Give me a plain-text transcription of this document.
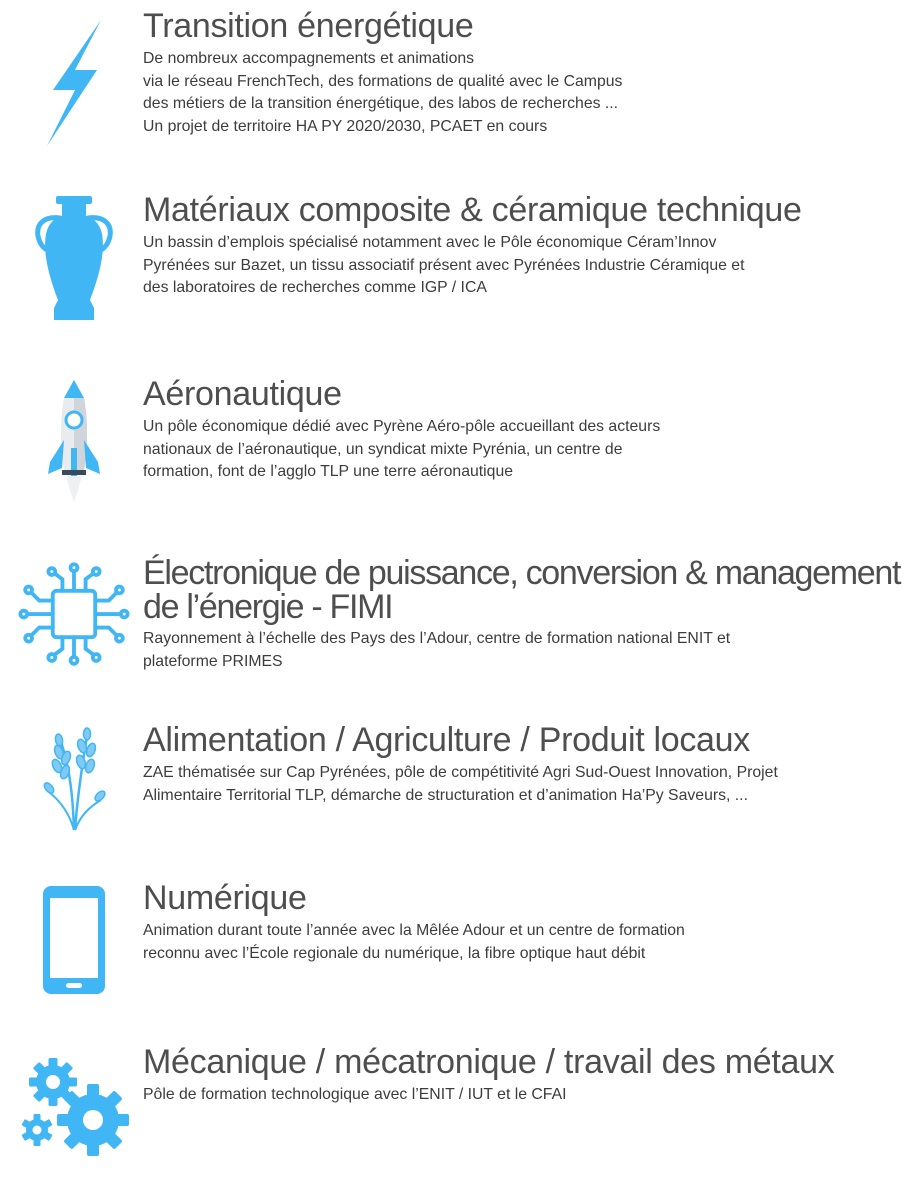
Transition énergétique

De nombreux accompagnements et animations
via le réseau FrenchTech, des formations de qualité avec le Campus
des métiers de la transition énergétique, des labos de recherches ...
Un projet de territoire HA PY 2020/2030, PCAET en cours

Matériaux composite & céramique technique

Un bassin d’emplois spécialisé notamment avec le Pôle économique Céram’Innov
Pyrénées sur Bazet, un tissu associatif présent avec Pyrénées Industrie Céramique et
des laboratoires de recherches comme IGP / ICA

Aéronautique

Un pôle économique dédié avec Pyrène Aéro-pôle accueillant des acteurs
nationaux de l’aéronautique, un syndicat mixte Pyrénia, un centre de
formation, font de l’agglo TLP une terre aéronautique

Électronique de puissance, conversion & management
de l’énergie - FIMI

Rayonnement à l’échelle des Pays des l’Adour, centre de formation national ENIT et
plateforme PRIMES

Alimentation / Agriculture / Produit locaux

ZAE thématisée sur Cap Pyrénées, pôle de compétitivité Agri Sud-Ouest Innovation, Projet
Alimentaire Territorial TLP, démarche de structuration et d’animation Ha’Py Saveurs, ...

Numérique

Animation durant toute l’année avec la Mêlée Adour et un centre de formation
reconnu avec l’École regionale du numérique, la fibre optique haut débit

Mécanique / mécatronique / travail des métaux

Pôle de formation technologique avec l’ENIT / IUT et le CFAI
